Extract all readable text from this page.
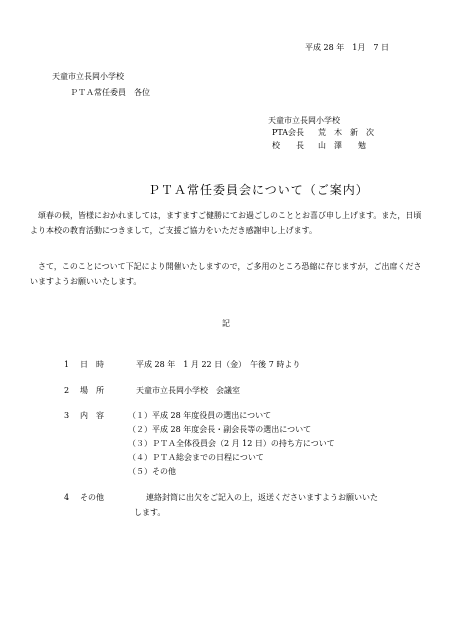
平成 28 年　1月　7 日
天童市立長岡小学校
ＰＴＡ常任委員　各位
天童市立長岡小学校
PTA会長 荒　木　新　次
校　　長 山　澤　　勉
ＰＴＡ常任委員会について（ご案内）
　頌春の候，皆様におかれましては，ますますご健勝にてお過ごしのこととお喜び申し上げます。また，日頃より本校の教育活動につきまして，ご支援ご協力をいただき感謝申し上げます。
　さて，このことについて下記により開催いたしますので，ご多用のところ恐縮に存じますが，ご出席くださいますようお願いいたします。
記
1 日　時	平成 28 年　1 月 22 日（金）　午後 7 時より
2 場　所	天童市立長岡小学校　会議室
3 内　容	（１）平成 28 年度役員の選出について
（２）平成 28 年度会長・副会長等の選出について
（３）ＰＴＡ全体役員会（2 月 12 日）の持ち方について
（４）ＰＴＡ総会までの日程について
（５）その他
4 その他	連絡封筒に出欠をご記入の上，返送くださいますようお願いいた
します。
